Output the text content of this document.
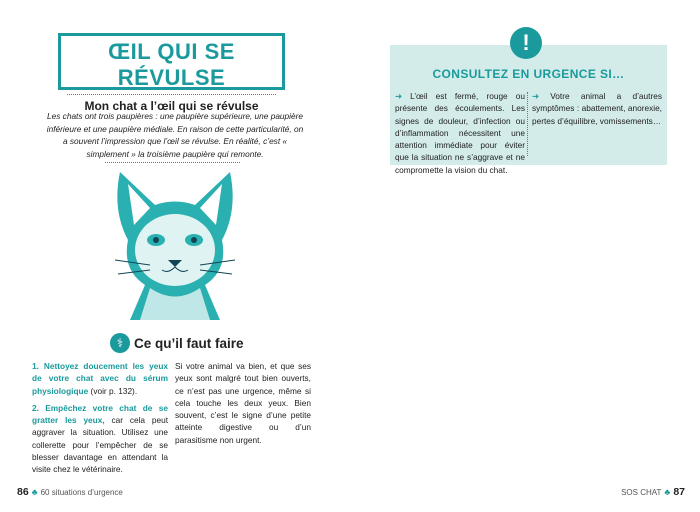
ŒIL QUI SE RÉVULSE
Mon chat a l’œil qui se révulse
Les chats ont trois paupières : une paupière supérieure, une paupière inférieure et une paupière médiale. En raison de cette particularité, on a souvent l’impression que l’œil se révulse. En réalité, c’est « simplement » la troisième paupière qui remonte.
⚕ Ce qu’il faut faire

1. Nettoyez doucement les yeux de votre chat avec du sérum physiologique (voir p. 132).

2. Empêchez votre chat de se gratter les yeux, car cela peut aggraver la situation. Utilisez une collerette pour l’empêcher de se blesser davantage en attendant la visite chez le vétérinaire.

Si votre animal va bien, et que ses yeux sont malgré tout bien ouverts, ce n’est pas une urgence, même si cela touche les deux yeux. Bien souvent, c’est le signe d’une petite atteinte digestive ou d’un parasitisme non urgent.
86 ♣ 60 situations d’urgence
!
CONSULTEZ EN URGENCE SI…
➜ L’œil est fermé, rouge ou présente des écoulements. Les signes de douleur, d’infection ou d’inflammation nécessitent une attention immédiate pour éviter que la situation ne s’aggrave et ne compromette la vision du chat.
➜ Votre animal a d’autres symptômes : abattement, anorexie, pertes d’équilibre, vomissements…
SOS CHAT ♣ 87
